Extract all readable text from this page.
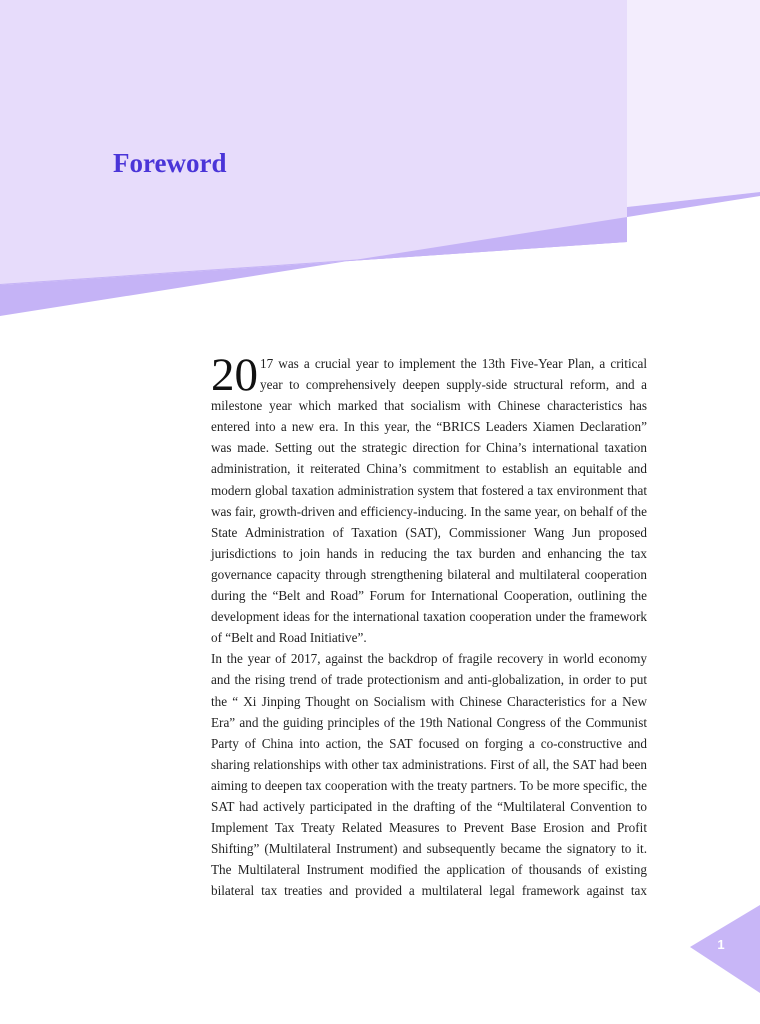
Foreword

20 17 was a crucial year to implement the 13th Five-Year Plan, a critical year to comprehensively deepen supply-side structural reform, and a milestone year which marked that socialism with Chinese characteristics has entered into a new era. In this year, the “BRICS Leaders Xiamen Declaration” was made. Setting out the strategic direction for China’s international taxation administration, it reiterated China’s commitment to establish an equitable and modern global taxation administration system that fostered a tax environment that was fair, growth-driven and efficiency-inducing. In the same year, on behalf of the State Administration of Taxation (SAT), Commissioner Wang Jun proposed jurisdictions to join hands in reducing the tax burden and enhancing the tax governance capacity through strengthening bilateral and multilateral cooperation during the “Belt and Road” Forum for International Cooperation, outlining the development ideas for the international taxation cooperation under the framework of “Belt and Road Initiative”.

In the year of 2017, against the backdrop of fragile recovery in world economy and the rising trend of trade protectionism and anti-globalization, in order to put the “ Xi Jinping Thought on Socialism with Chinese Characteristics for a New Era” and the guiding principles of the 19th National Congress of the Communist Party of China into action, the SAT focused on forging a co-constructive and sharing relationships with other tax administrations. First of all, the SAT had been aiming to deepen tax cooperation with the treaty partners. To be more specific, the SAT had actively participated in the drafting of the “Multilateral Convention to Implement Tax Treaty Related Measures to Prevent Base Erosion and Profit Shifting” (Multilateral Instrument) and subsequently became the signatory to it. The Multilateral Instrument modified the application of thousands of existing bilateral tax treaties and provided a multilateral legal framework against tax

1
